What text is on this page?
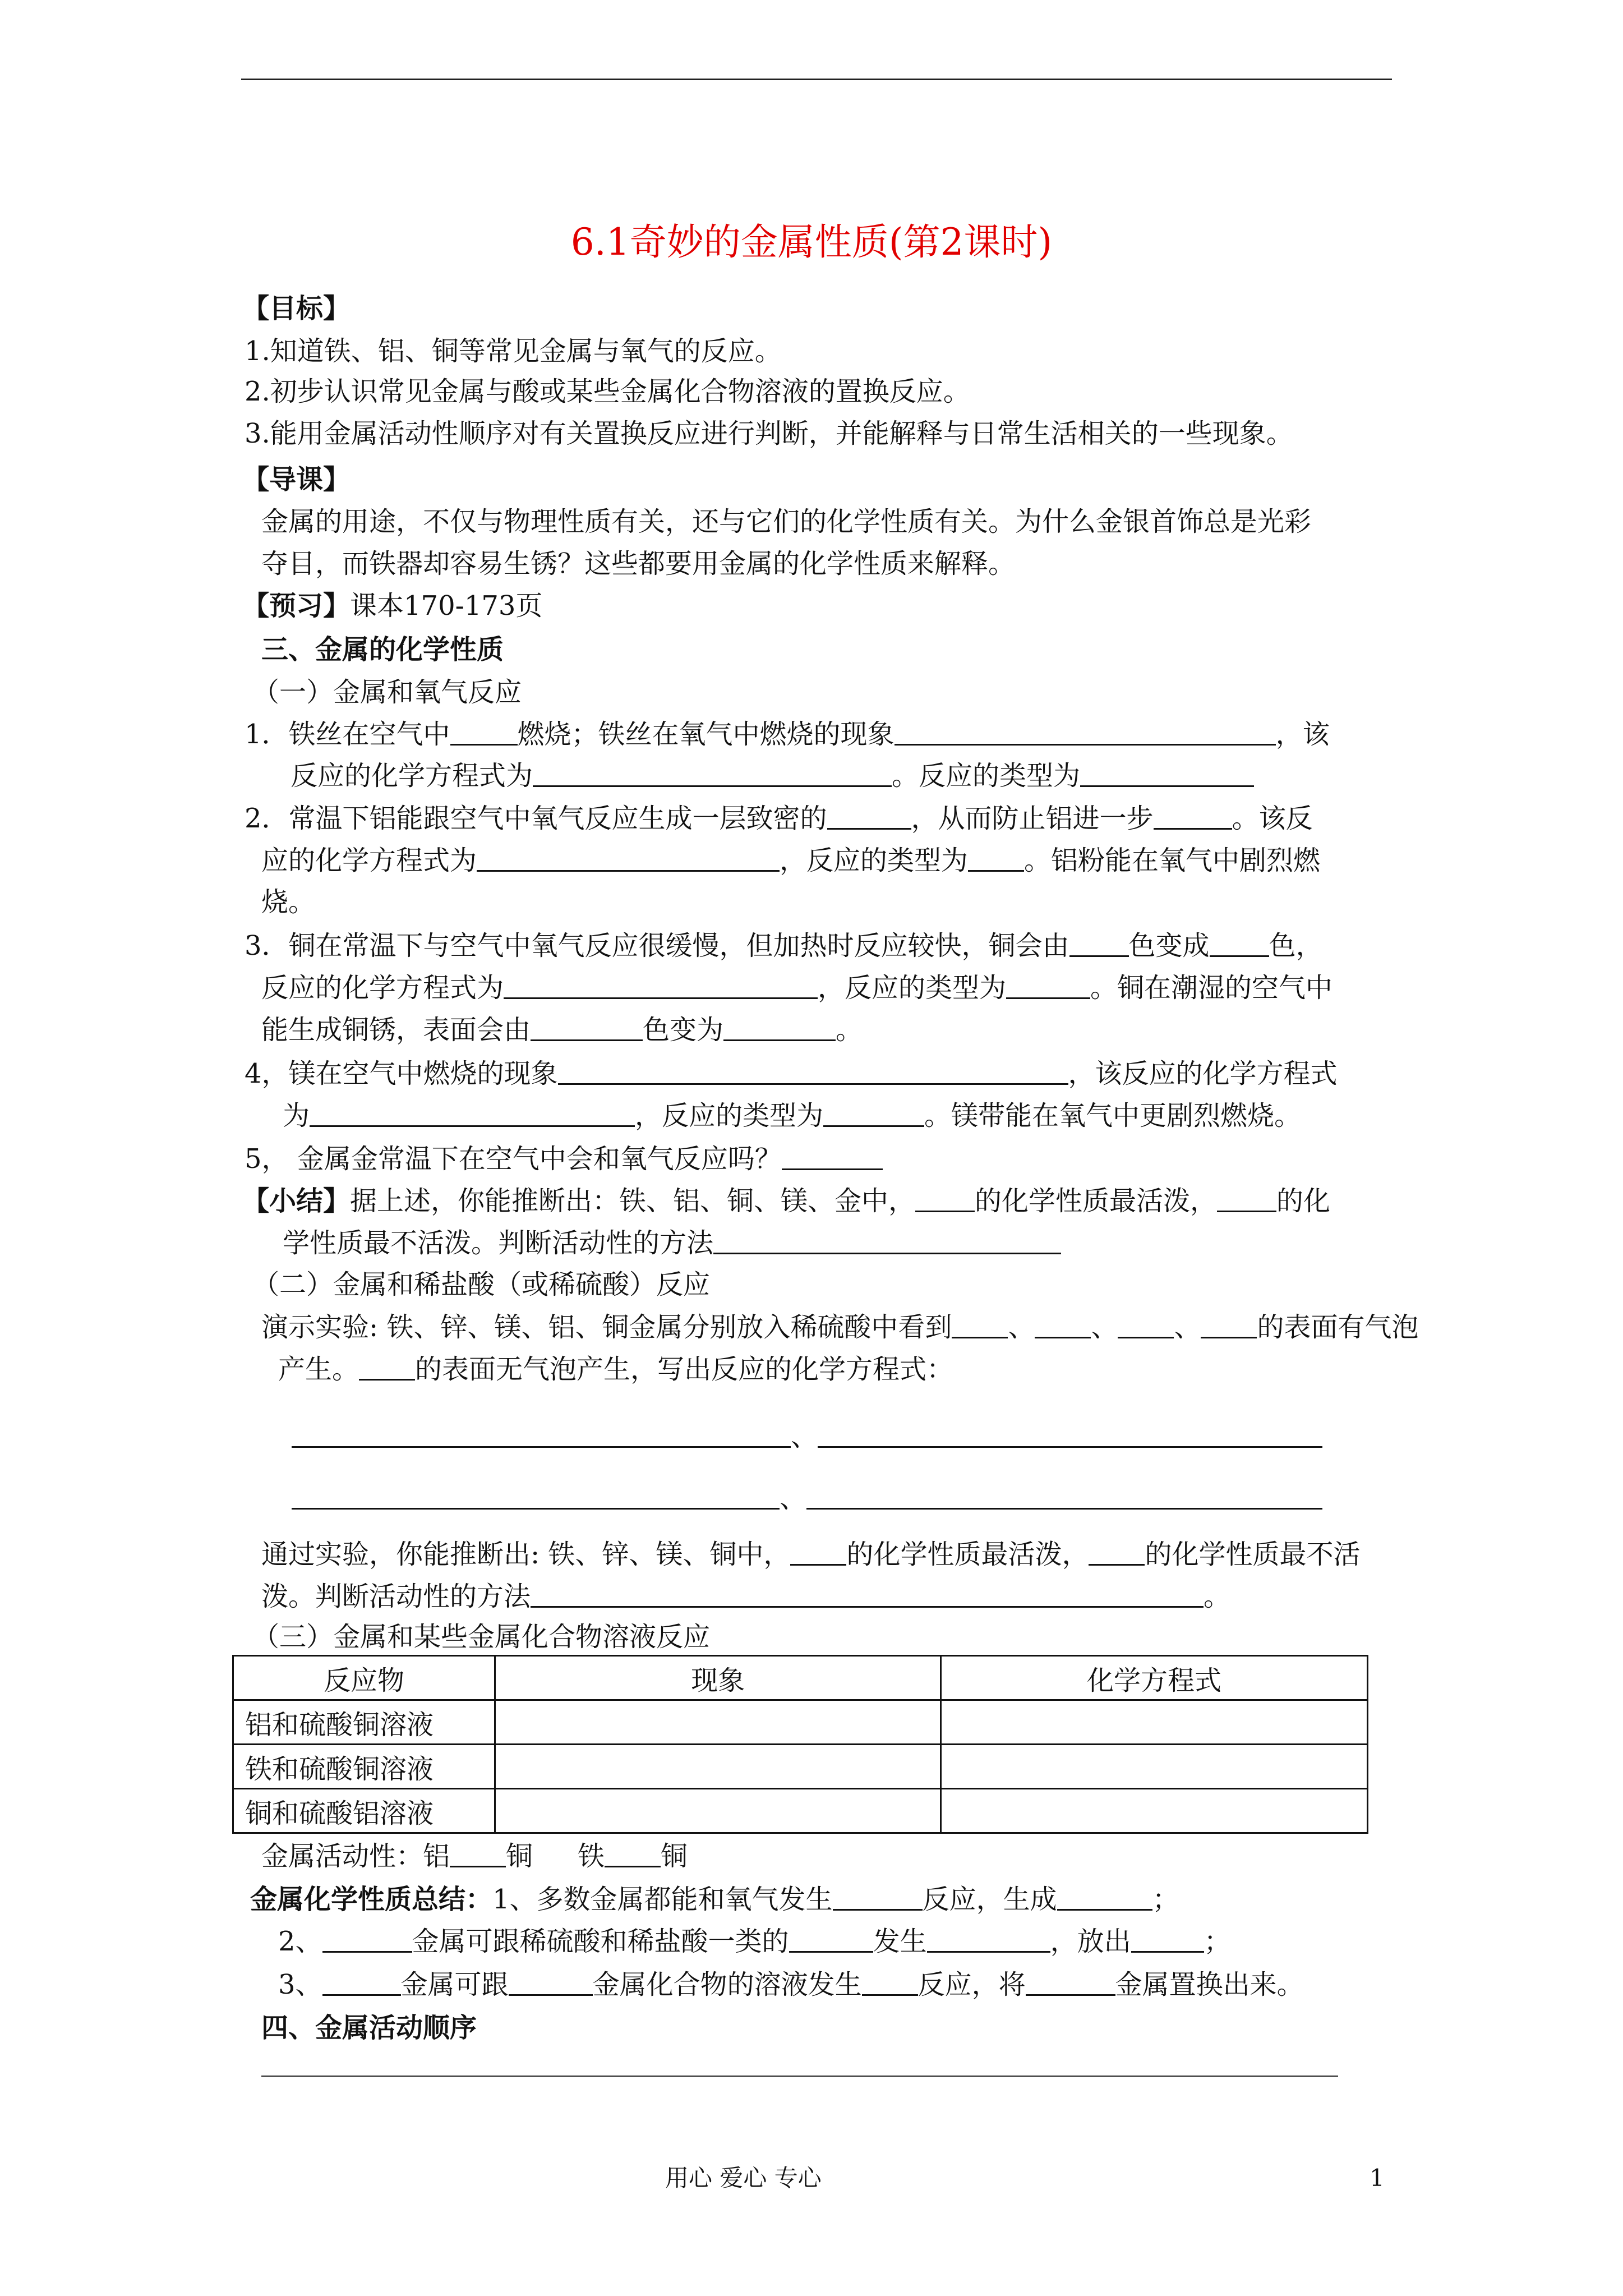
6.1奇妙的金属性质(第2课时)
【目标】
1.知道铁、铝、铜等常见金属与氧气的反应。
2.初步认识常见金属与酸或某些金属化合物溶液的置换反应。
3.能用金属活动性顺序对有关置换反应进行判断，并能解释与日常生活相关的一些现象。
【导课】
金属的用途，不仅与物理性质有关，还与它们的化学性质有关。为什么金银首饰总是光彩
夺目，而铁器却容易生锈？这些都要用金属的化学性质来解释。
【预习】课本170-173页
三、金属的化学性质
（一）金属和氧气反应
1．铁丝在空气中	燃烧；铁丝在氧气中燃烧的现象	，该
反应的化学方程式为	。反应的类型为
2．常温下铝能跟空气中氧气反应生成一层致密的	，从而防止铝进一步	。该反
应的化学方程式为	，反应的类型为 。铝粉能在氧气中剧烈燃
烧。
3．铜在常温下与空气中氧气反应很缓慢，但加热时反应较快，铜会由 色变成 色，
反应的化学方程式为	，反应的类型为	。铜在潮湿的空气中
能生成铜锈，表面会由	色变为	。
4，镁在空气中燃烧的现象	，该反应的化学方程式
为	，反应的类型为	。镁带能在氧气中更剧烈燃烧。
5， 金属金常温下在空气中会和氧气反应吗？
【小结】据上述，你能推断出：铁、铝、铜、镁、金中， 的化学性质最活泼， 的化
学性质最不活泼。判断活动性的方法
（二）金属和稀盐酸（或稀硫酸）反应
演示实验: 铁、锌、镁、铝、铜金属分别放入稀硫酸中看到 、 、 、 的表面有气泡
产生。 的表面无气泡产生，写出反应的化学方程式：
、
、
通过实验，你能推断出: 铁、锌、镁、铜中， 的化学性质最活泼， 的化学性质最不活
泼。判断活动性的方法	。
（三）金属和某些金属化合物溶液反应
反应物	现象	化学方程式
铝和硫酸铜溶液		
铁和硫酸铜溶液		
铜和硫酸铝溶液		
金属活动性：铝 铜 铁 铜
金属化学性质总结：1、多数金属都能和氧气发生	反应，生成	；
2、	金属可跟稀硫酸和稀盐酸一类的	发生	，放出	；
3、	金属可跟	金属化合物的溶液发生 反应，将	金属置换出来。
四、金属活动顺序
用心 爱心 专心	1
